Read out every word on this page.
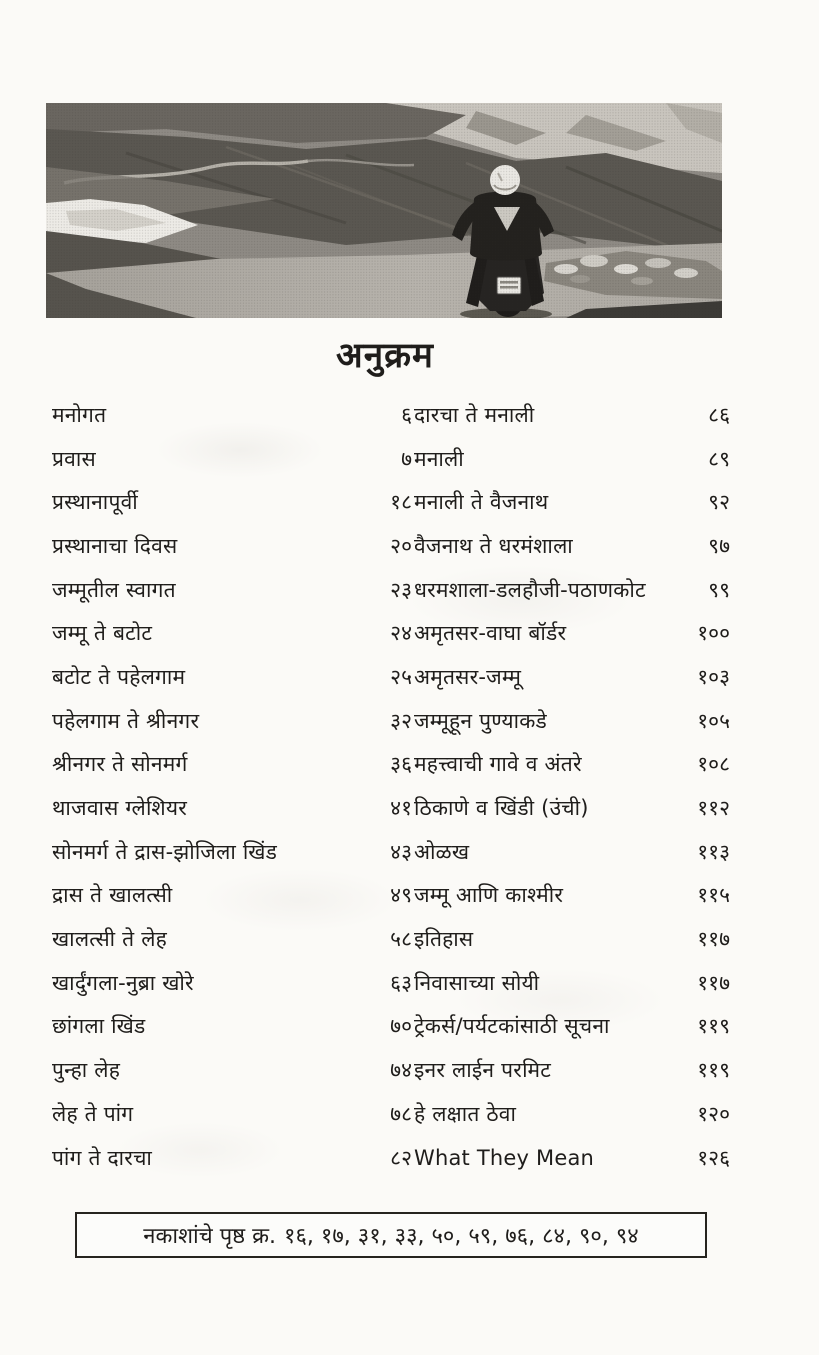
अनुक्रम
मनोगत	६
प्रवास	७
प्रस्थानापूर्वी	१८
प्रस्थानाचा दिवस	२०
जम्मूतील स्वागत	२३
जम्मू ते बटोट	२४
बटोट ते पहेलगाम	२५
पहेलगाम ते श्रीनगर	३२
श्रीनगर ते सोनमर्ग	३६
थाजवास ग्लेशियर	४१
सोनमर्ग ते द्रास-झोजिला खिंड	४३
द्रास ते खालत्सी	४९
खालत्सी ते लेह	५८
खार्दुंगला-नुब्रा खोरे	६३
छांगला खिंड	७०
पुन्हा लेह	७४
लेह ते पांग	७८
पांग ते दारचा	८२
दारचा ते मनाली	८६
मनाली	८९
मनाली ते वैजनाथ	९२
वैजनाथ ते धरमंशाला	९७
धरमशाला-डलहौजी-पठाणकोट	९९
अमृतसर-वाघा बॉर्डर	१००
अमृतसर-जम्मू	१०३
जम्मूहून पुण्याकडे	१०५
महत्त्वाची गावे व अंतरे	१०८
ठिकाणे व खिंडी (उंची)	११२
ओळख	११३
जम्मू आणि काश्मीर	११५
इतिहास	११७
निवासाच्या सोयी	११७
ट्रेकर्स/पर्यटकांसाठी सूचना	११९
इनर लाईन परमिट	११९
हे लक्षात ठेवा	१२०
What They Mean	१२६
नकाशांचे पृष्ठ क्र. १६, १७, ३१, ३३, ५०, ५९, ७६, ८४, ९०, ९४
